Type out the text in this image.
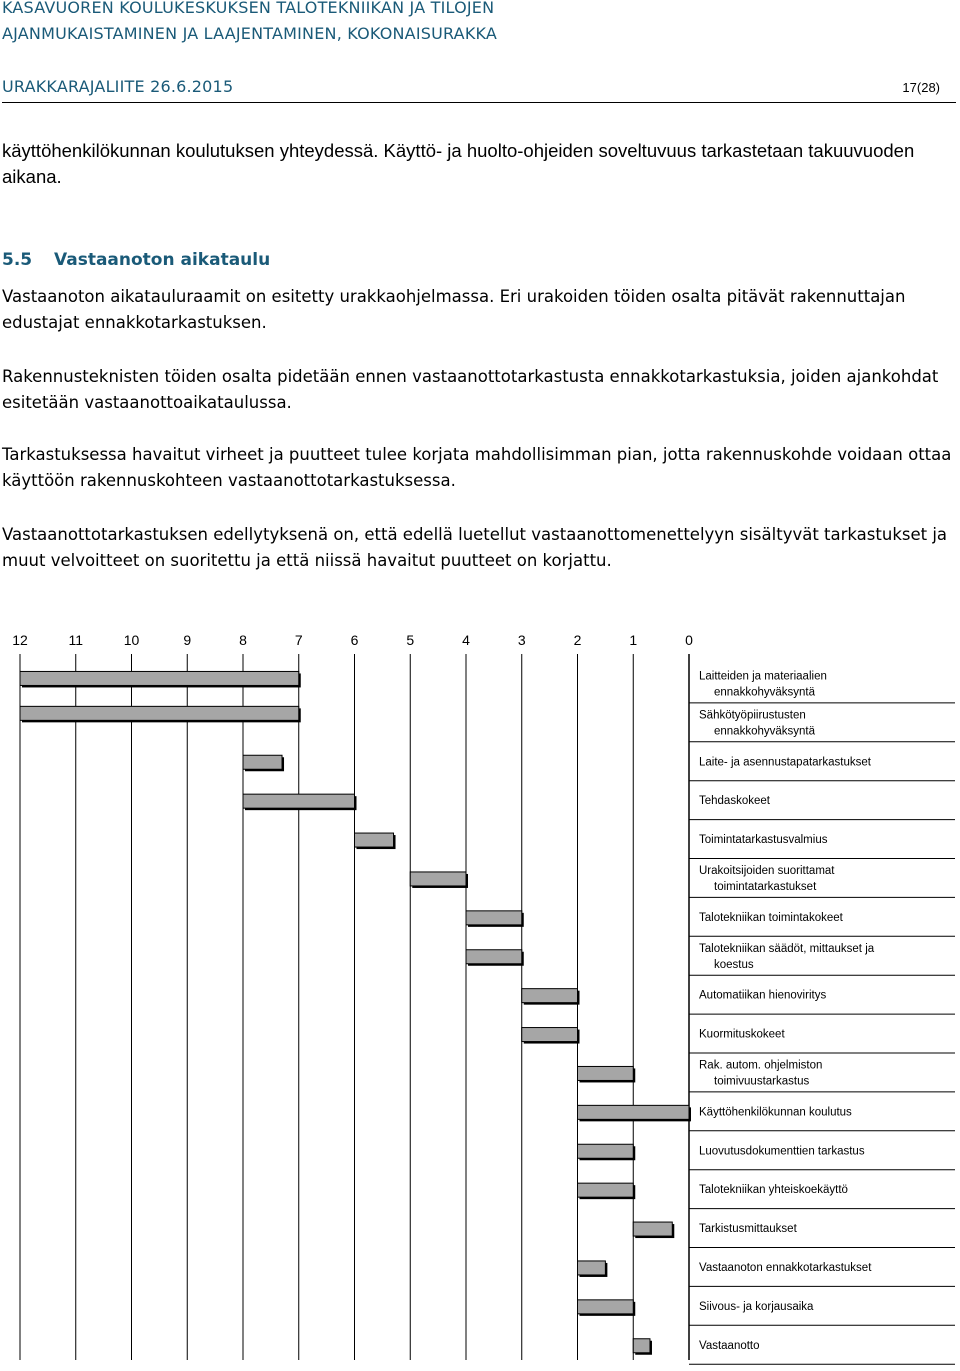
KASAVUOREN KOULUKESKUKSEN TALOTEKNIIKAN JA TILOJEN
AJANMUKAISTAMINEN JA LAAJENTAMINEN, KOKONAISURAKKA
URAKKARAJALIITE 26.6.2015	17(28)
käyttöhenkilökunnan koulutuksen yhteydessä. Käyttö- ja huolto-ohjeiden soveltuvuus tarkastetaan takuuvuoden aikana.
5.5 Vastaanoton aikataulu
Vastaanoton aikatauluraamit on esitetty urakkaohjelmassa. Eri urakoiden töiden osalta pitävät rakennuttajan edustajat ennakkotarkastuksen.
Rakennusteknisten töiden osalta pidetään ennen vastaanottotarkastusta ennakkotarkastuksia, joiden ajankohdat esitetään vastaanottoaikataulussa.
Tarkastuksessa havaitut virheet ja puutteet tulee korjata mahdollisimman pian, jotta rakennuskohde voidaan ottaa käyttöön rakennuskohteen vastaanottotarkastuksessa.
Vastaanottotarkastuksen edellytyksenä on, että edellä luetellut vastaanottomenettelyyn sisältyvät tarkastukset ja muut velvoitteet on suoritettu ja että niissä havaitut puutteet on korjattu.
12	11	10	9	8	7	6	5	4	3	2	1	0
Laitteiden ja materiaalien
ennakkohyväksyntä
Sähkötyöpiirustusten
ennakkohyväksyntä
Laite- ja asennustapatarkastukset
Tehdaskokeet
Toimintatarkastusvalmius
Urakoitsijoiden suorittamat
toimintatarkastukset
Talotekniikan toimintakokeet
Talotekniikan säädöt, mittaukset ja
koestus
Automatiikan hienoviritys
Kuormituskokeet
Rak. autom. ohjelmiston
toimivuustarkastus
Käyttöhenkilökunnan koulutus
Luovutusdokumenttien tarkastus
Talotekniikan yhteiskoekäyttö
Tarkistusmittaukset
Vastaanoton ennakkotarkastukset
Siivous- ja korjausaika
Vastaanotto
